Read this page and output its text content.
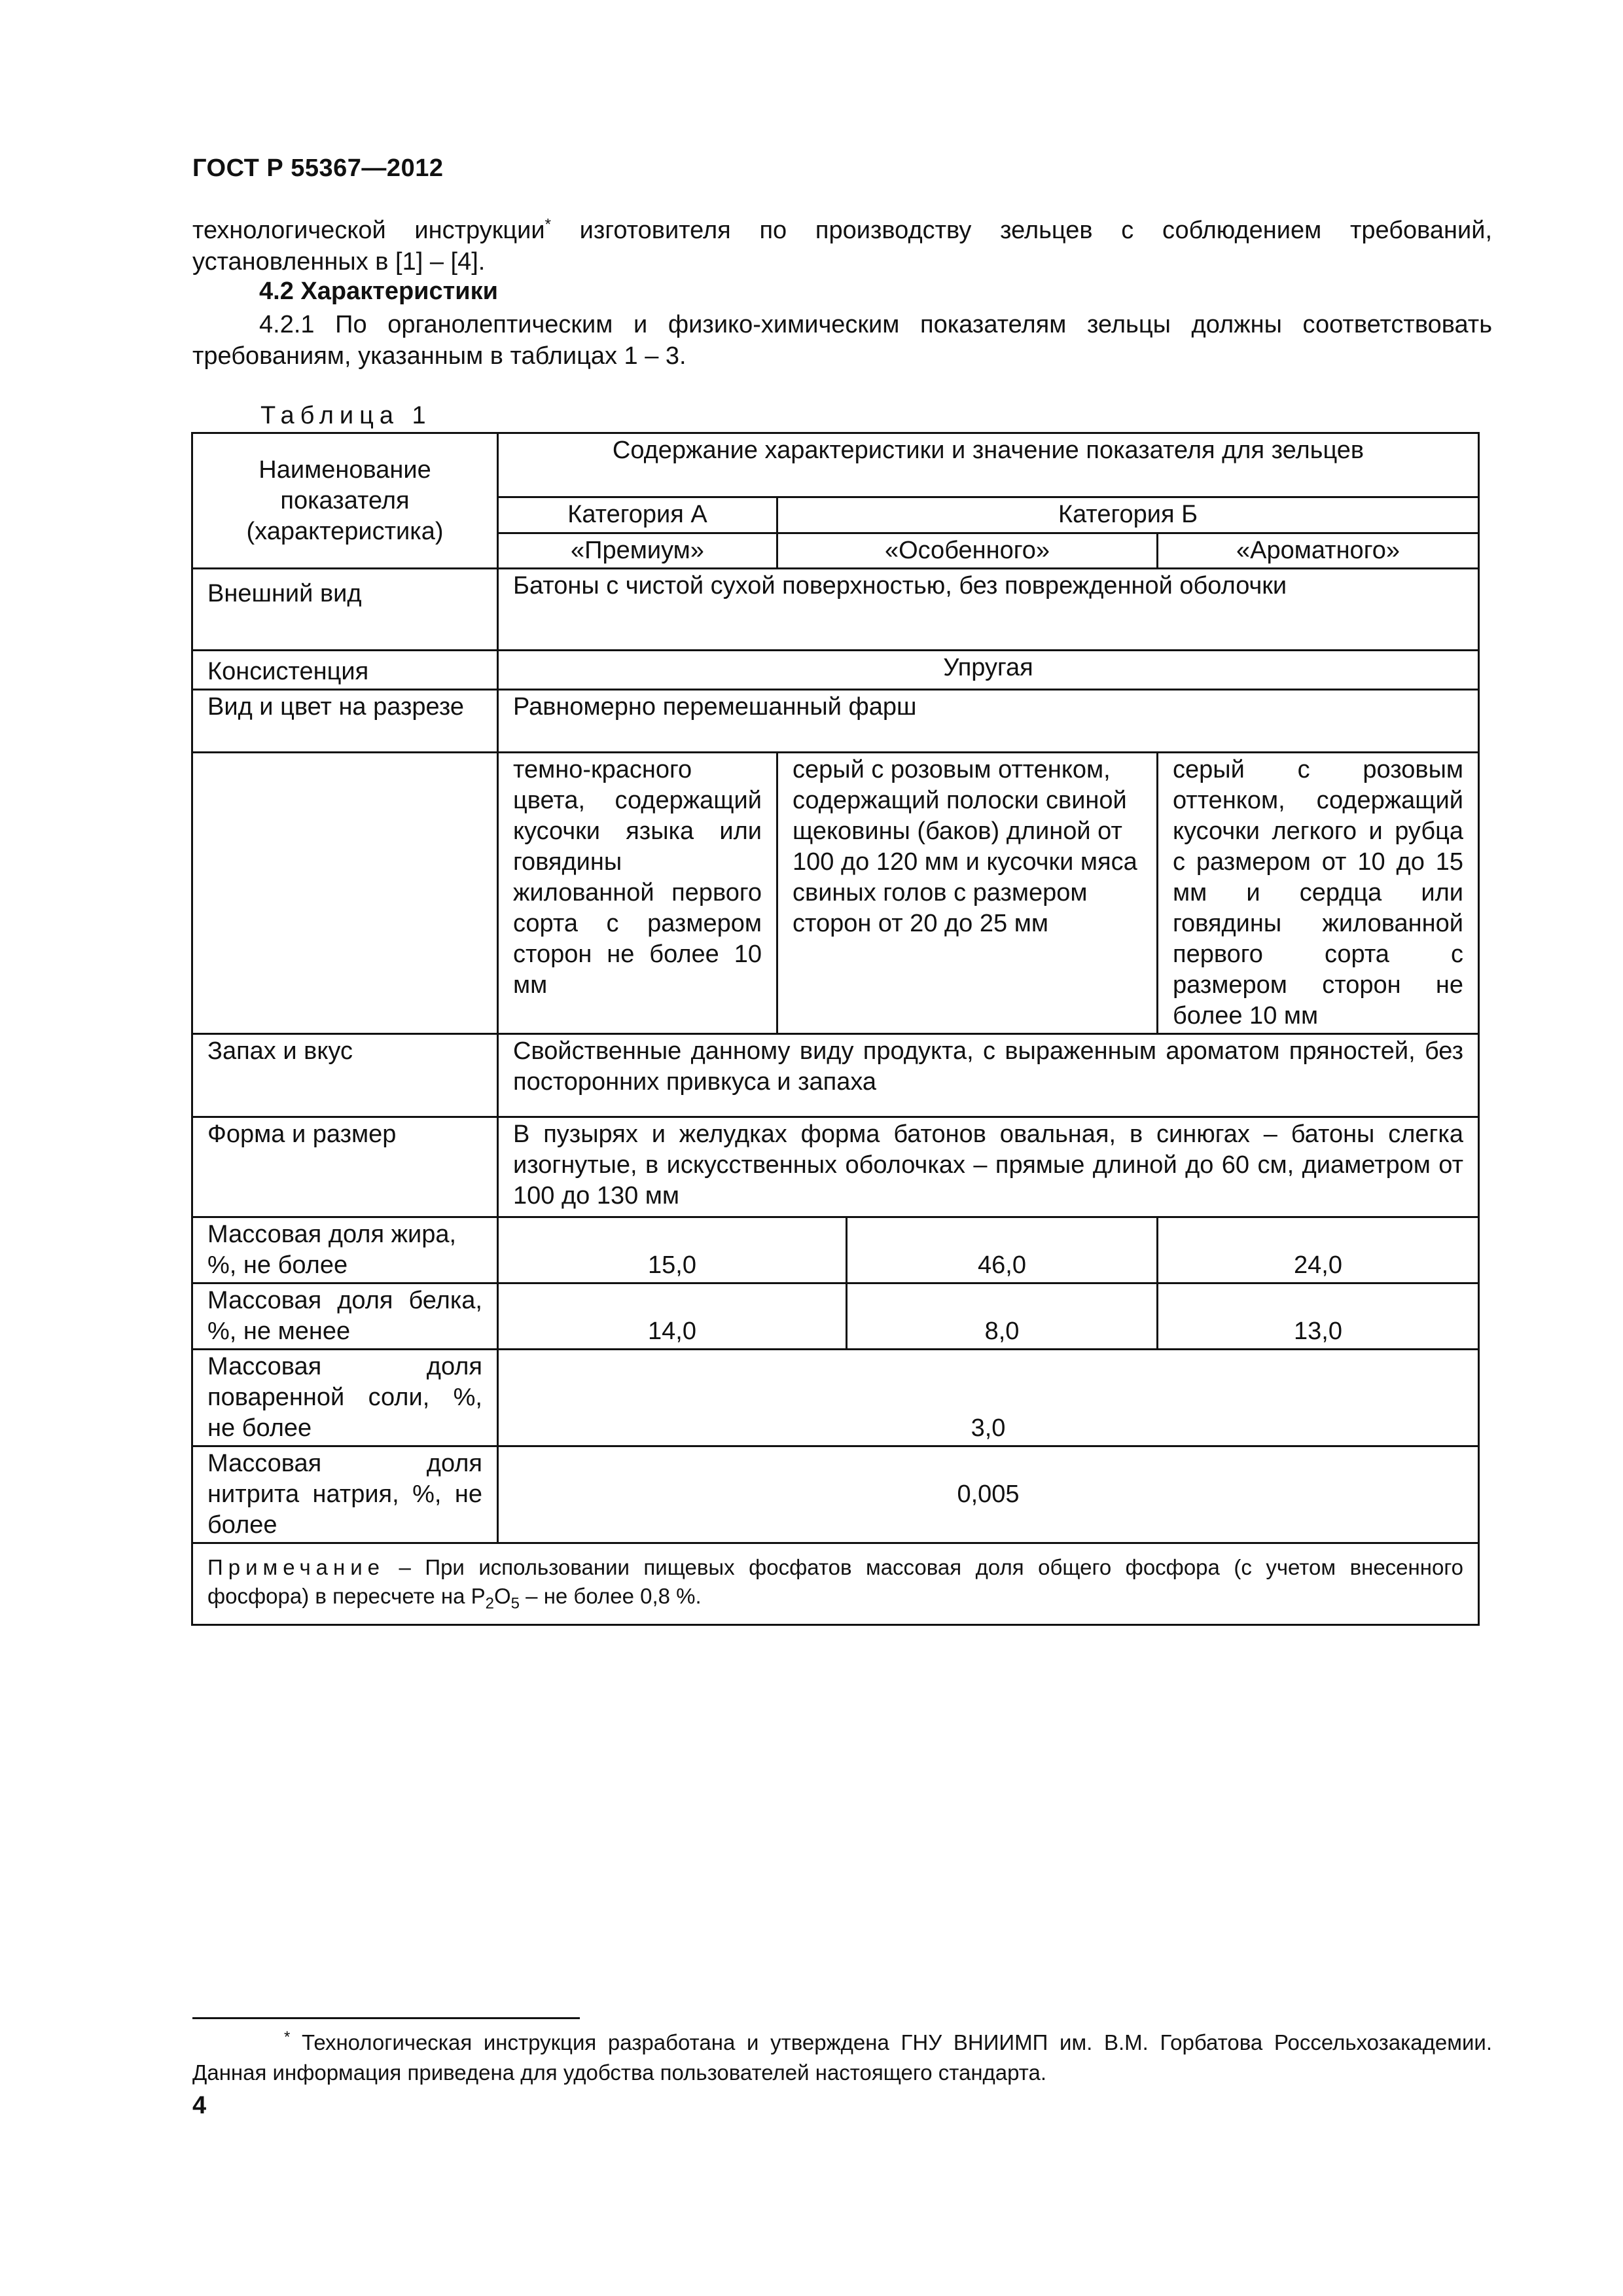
ГОСТ Р 55367—2012
технологической инструкции* изготовителя по производству зельцев с соблюдением требований, установленных в [1] – [4].
4.2 Характеристики
4.2.1 По органолептическим и физико-химическим показателям зельцы должны соответствовать требованиям, указанным в таблицах 1 – 3.
Таблица 1
Наименование показателя (характеристика)	Содержание характеристики и значение показателя для зельцев			
	Категория А	Категория Б		
	«Премиум»	«Особенного»		«Ароматного»
Внешний вид	Батоны с чистой сухой поверхностью, без поврежденной оболочки			
Консистенция	Упругая			
Вид и цвет на разрезе	Равномерно перемешанный фарш			
	темно-красного цвета, содержащий кусочки языка или говядины жилованной первого сорта с размером сторон не более 10 мм	серый с розовым оттенком, содержащий полоски свиной щековины (баков) длиной от 100 до 120 мм и кусочки мяса свиных голов с размером сторон от 20 до 25 мм		серый с розовым оттенком, содержащий кусочки легкого и рубца с размером от 10 до 15 мм и сердца или говядины жилованной первого сорта с размером сторон не более 10 мм
Запах и вкус	Свойственные данному виду продукта, с выраженным ароматом пряностей, без посторонних привкуса и запаха			
Форма и размер	В пузырях и желудках форма батонов овальная, в синюгах – батоны слегка изогнутые, в искусственных оболочках – прямые длиной до 60 см, диаметром от 100 до 130 мм			
Массовая доля жира, %, не более	15,0		46,0	24,0
Массовая доля белка, %, не менее	14,0		8,0	13,0
Массовая доля поваренной соли, %, не более	3,0			
Массовая доля нитрита натрия, %, не более	0,005			
Примечание – При использовании пищевых фосфатов массовая доля общего фосфора (с учетом внесенного фосфора) в пересчете на $P_2O_5$ – не более 0,8 %.				
* Технологическая инструкция разработана и утверждена ГНУ ВНИИМП им. В.М. Горбатова Россельхозакадемии. Данная информация приведена для удобства пользователей настоящего стандарта.
4
